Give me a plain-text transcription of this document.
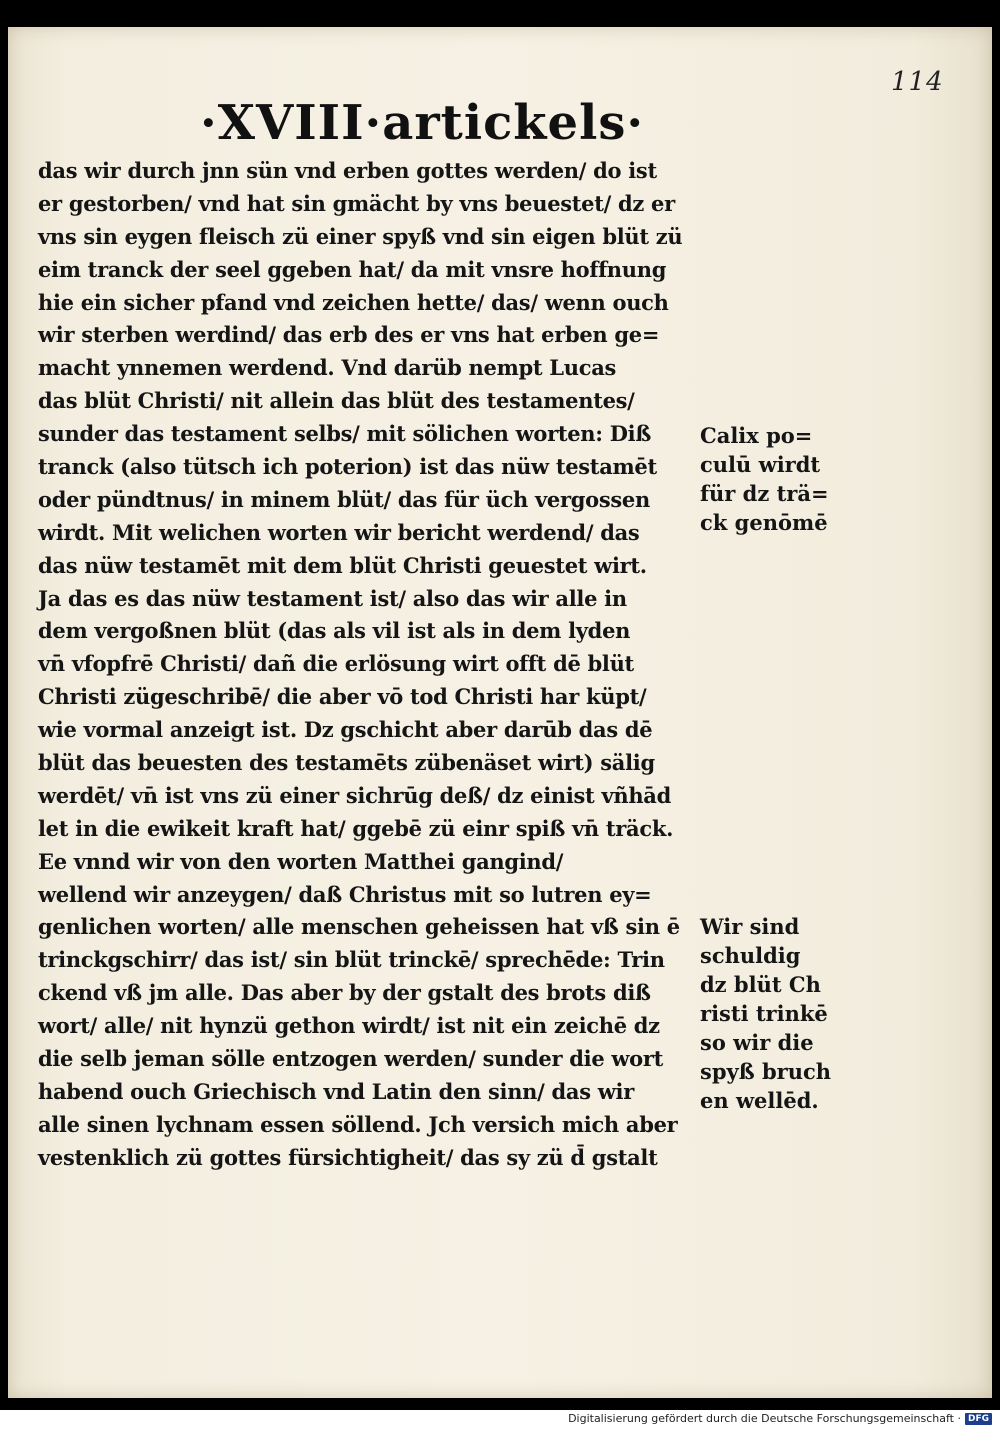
114
·XVIII·artickels·
das wir durch jnn sün vnd erben gottes werden/ do ist
er gestorben/ vnd hat sin gmächt by vns beuestet/ dz er
vns sin eygen fleisch zü einer spyß vnd sin eigen blüt zü
eim tranck der seel ggeben hat/ da mit vnsre hoffnung
hie ein sicher pfand vnd zeichen hette/ das/ wenn ouch
wir sterben werdind/ das erb des er vns hat erben ge=
macht ynnemen werdend. Vnd darüb nempt Lucas
das blüt Christi/ nit allein das blüt des testamentes/
sunder das testament selbs/ mit sölichen worten: Diß
tranck (also tütsch ich poterion) ist das nüw testamēt
oder pündtnus/ in minem blüt/ das für üch vergossen
wirdt. Mit welichen worten wir bericht werdend/ das
das nüw testamēt mit dem blüt Christi geuestet wirt.
Ja das es das nüw testament ist/ also das wir alle in
dem vergoßnen blüt (das als vil ist als in dem lyden
vn̄ vfopfrē Christi/ dañ die erlösung wirt offt dē blüt
Christi zügeschribē/ die aber vō tod Christi har küpt/
wie vormal anzeigt ist. Dz gschicht aber darūb das dē
blüt das beuesten des testamēts zübenäset wirt) sälig
werdēt/ vn̄ ist vns zü einer sichrūg deß/ dz einist vñhād
let in die ewikeit kraft hat/ ggebē zü einr spiß vn̄ träck.
Ee vnnd wir von den worten Matthei gangind/
wellend wir anzeygen/ daß Christus mit so lutren ey=
genlichen worten/ alle menschen geheissen hat vß sin ē
trinckgschirr/ das ist/ sin blüt trinckē/ sprechēde: Trin
ckend vß jm alle. Das aber by der gstalt des brots diß
wort/ alle/ nit hynzü gethon wirdt/ ist nit ein zeichē dz
die selb jeman sölle entzogen werden/ sunder die wort
habend ouch Griechisch vnd Latin den sinn/ das wir
alle sinen lychnam essen söllend. Jch versich mich aber
vestenklich zü gottes fürsichtigheit/ das sy zü d̄ gstalt
Calix po=
culū wirdt
für dz trä=
ck genōmē
Wir sind
schuldig
dz blüt Ch
risti trinkē
so wir die
spyß bruch
en wellēd.
Digitalisierung gefördert durch die Deutsche Forschungsgemeinschaft · DFG
